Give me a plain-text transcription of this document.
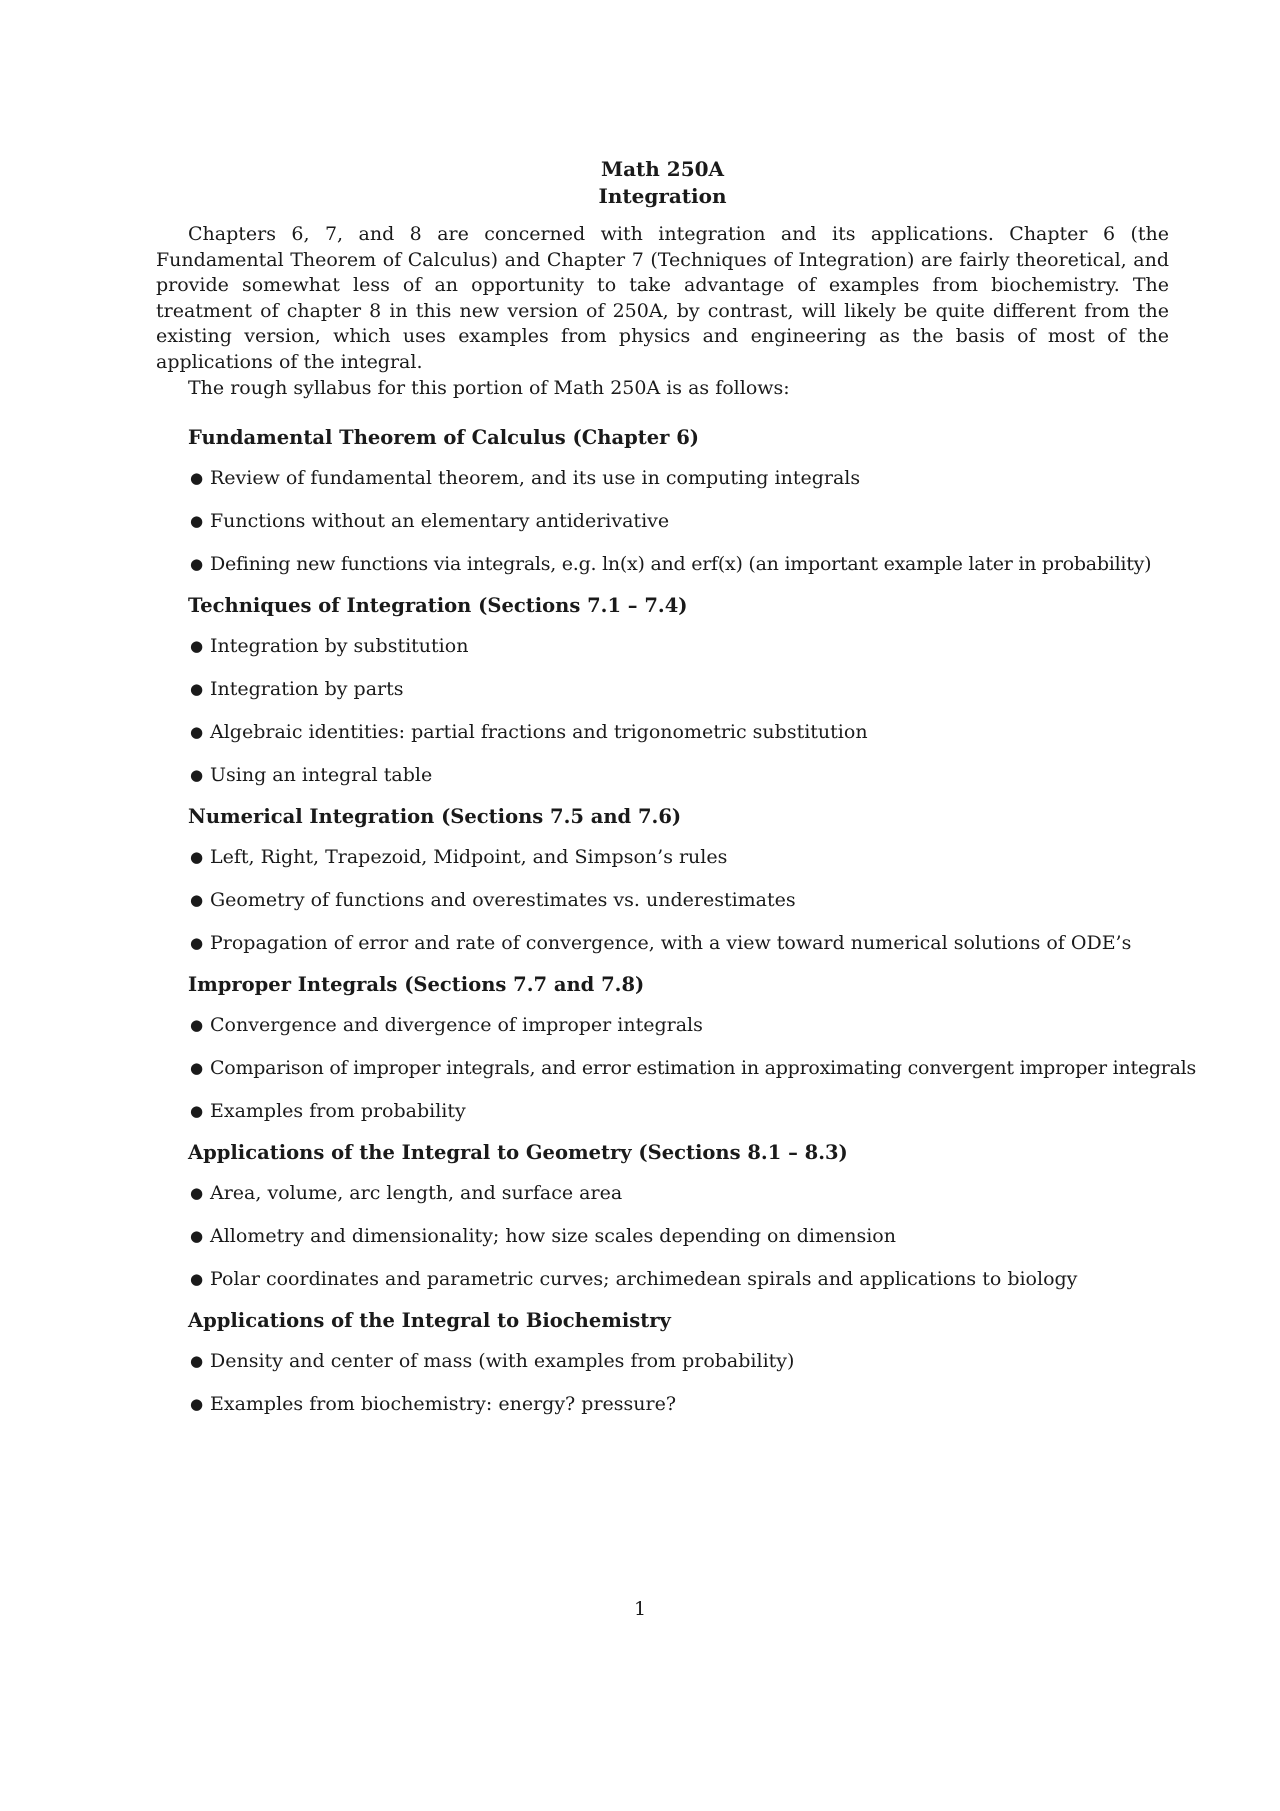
Math 250A
Integration

Chapters 6, 7, and 8 are concerned with integration and its applications. Chapter 6 (the Fundamental Theorem of Calculus) and Chapter 7 (Techniques of Integration) are fairly theoretical, and provide somewhat less of an opportunity to take advantage of examples from biochemistry. The treatment of chapter 8 in this new version of 250A, by contrast, will likely be quite different from the existing version, which uses examples from physics and engineering as the basis of most of the applications of the integral.

The rough syllabus for this portion of Math 250A is as follows:

Fundamental Theorem of Calculus (Chapter 6)
● Review of fundamental theorem, and its use in computing integrals
● Functions without an elementary antiderivative
● Defining new functions via integrals, e.g. ln(x) and erf(x) (an important example later in probability)
Techniques of Integration (Sections 7.1 – 7.4)
● Integration by substitution
● Integration by parts
● Algebraic identities: partial fractions and trigonometric substitution
● Using an integral table
Numerical Integration (Sections 7.5 and 7.6)
● Left, Right, Trapezoid, Midpoint, and Simpson’s rules
● Geometry of functions and overestimates vs. underestimates
● Propagation of error and rate of convergence, with a view toward numerical solutions of ODE’s
Improper Integrals (Sections 7.7 and 7.8)
● Convergence and divergence of improper integrals
● Comparison of improper integrals, and error estimation in approximating convergent improper integrals
● Examples from probability
Applications of the Integral to Geometry (Sections 8.1 – 8.3)
● Area, volume, arc length, and surface area
● Allometry and dimensionality; how size scales depending on dimension
● Polar coordinates and parametric curves; archimedean spirals and applications to biology
Applications of the Integral to Biochemistry
● Density and center of mass (with examples from probability)
● Examples from biochemistry: energy? pressure?
1
